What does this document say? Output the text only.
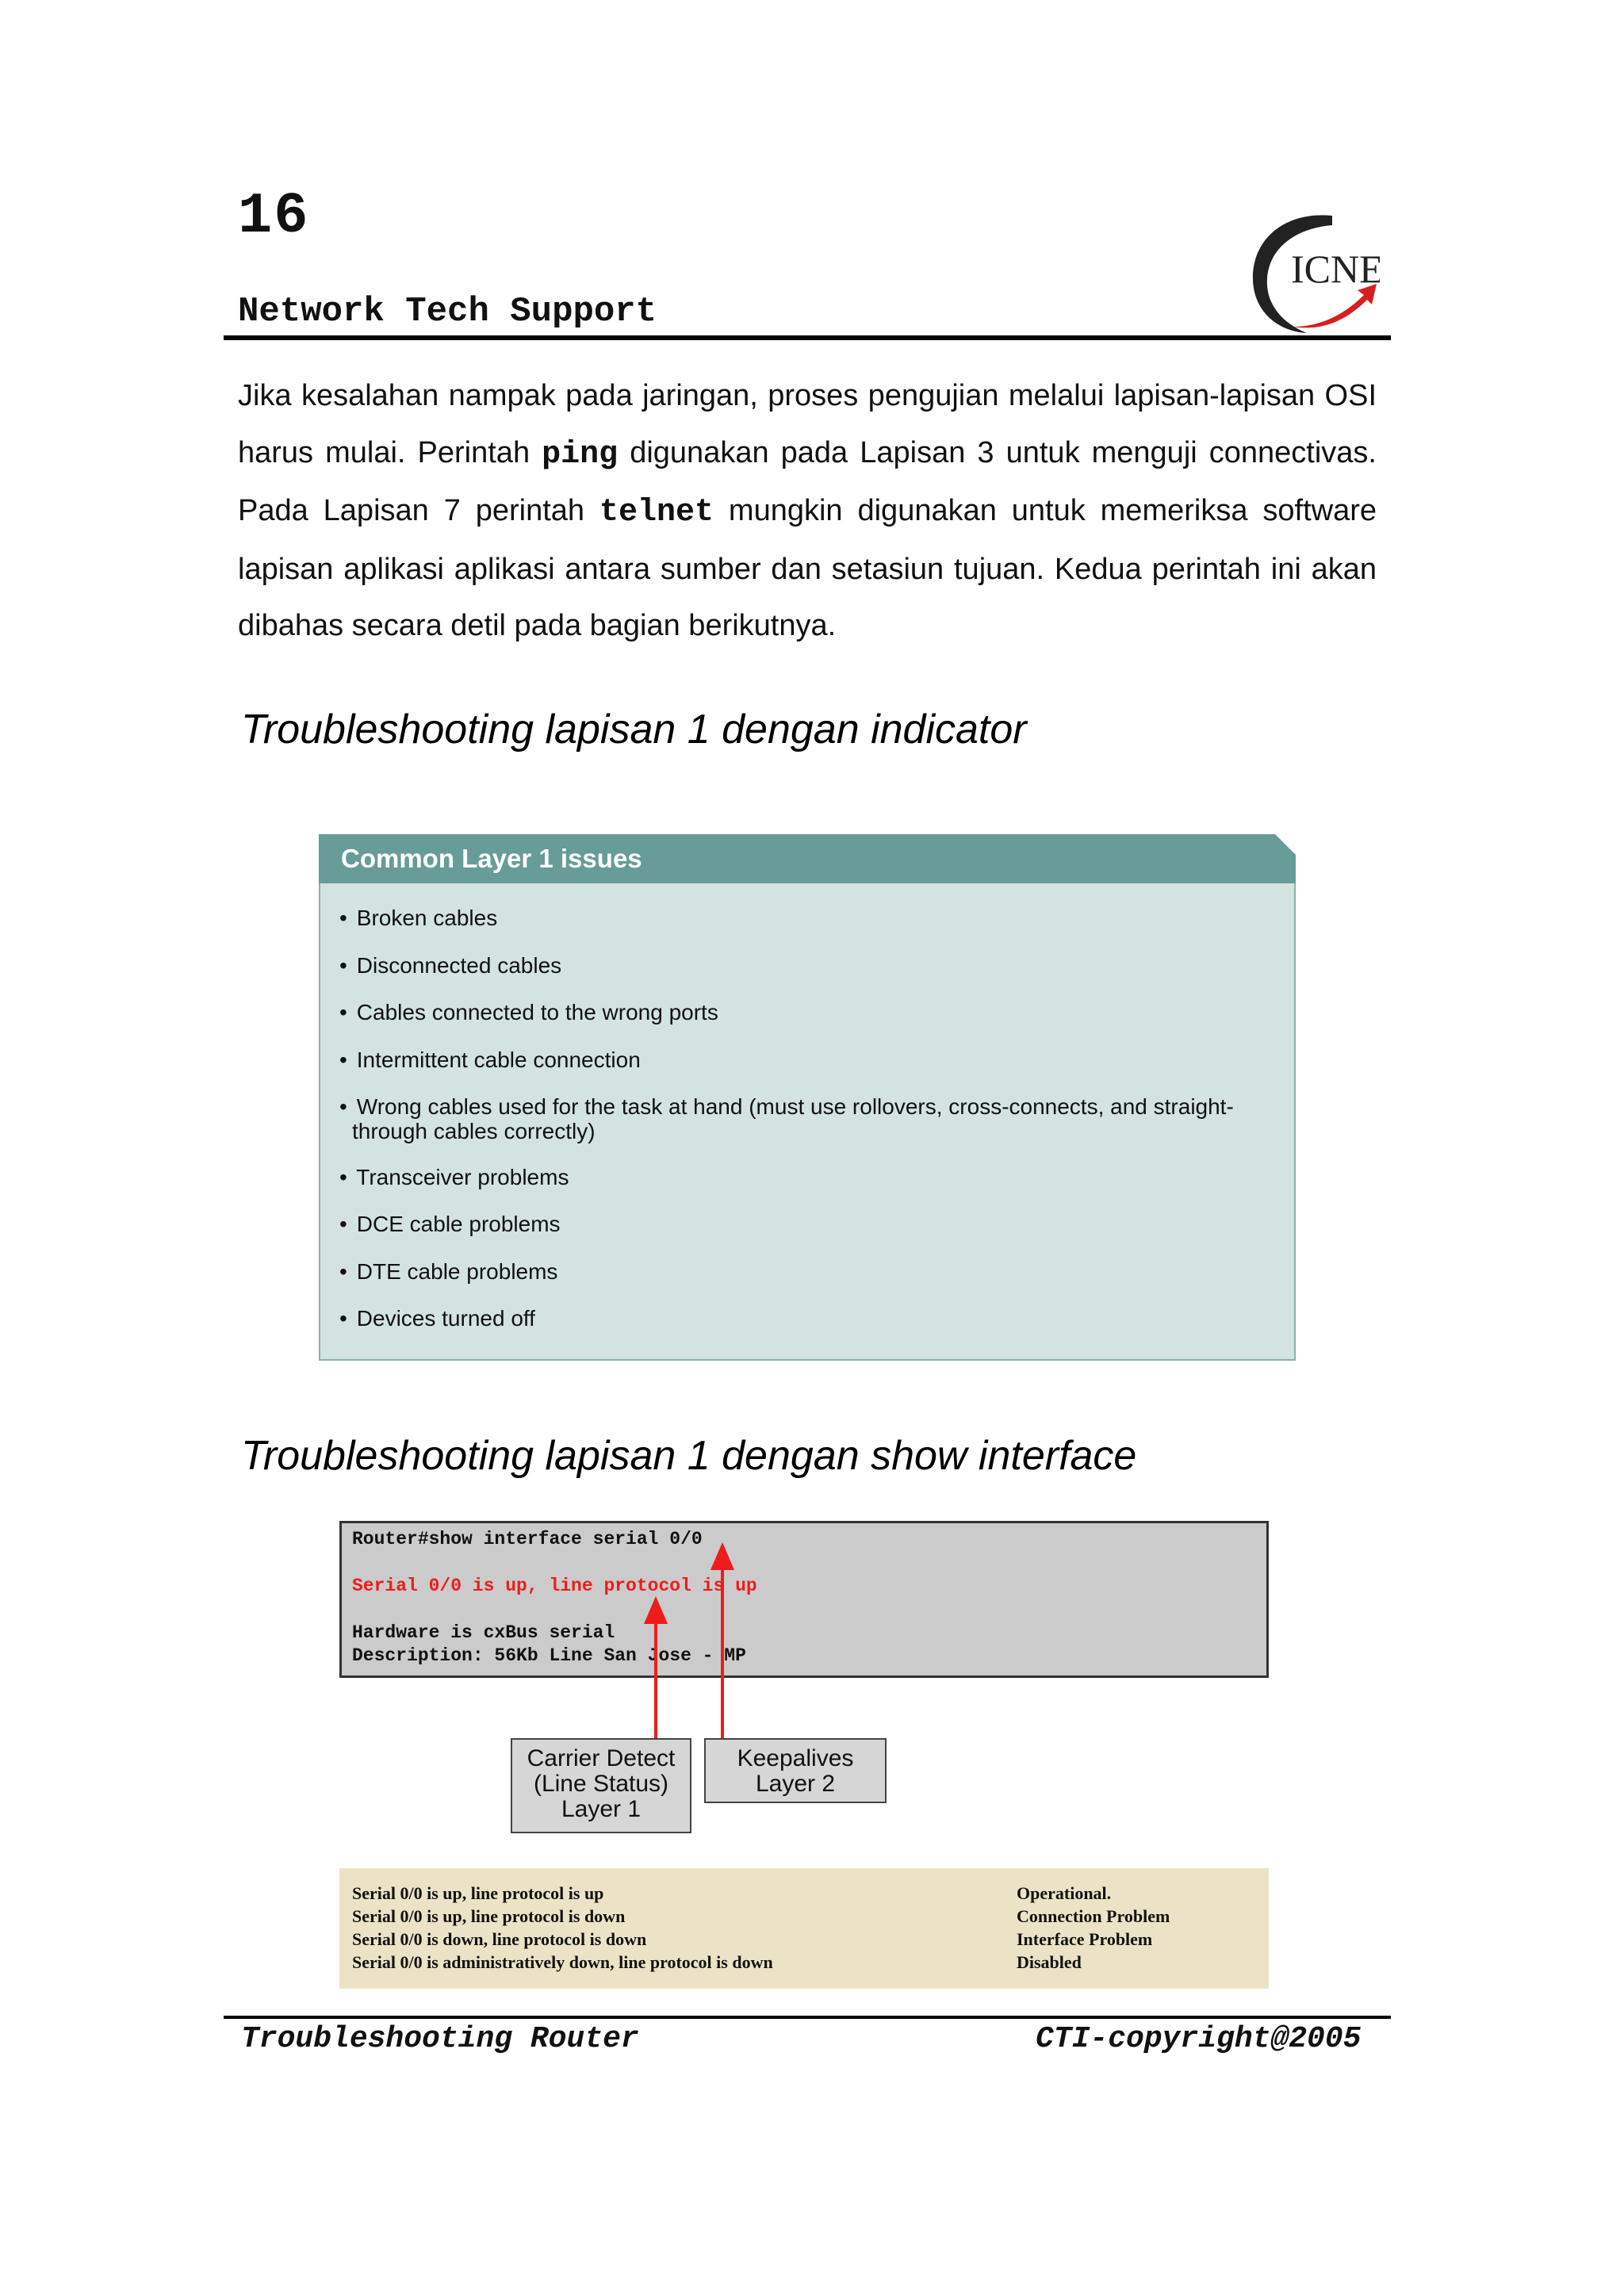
16
Network Tech Support
ICNE
Jika kesalahan nampak pada jaringan, proses pengujian melalui lapisan-lapisan OSI harus mulai. Perintah ping digunakan pada Lapisan 3 untuk menguji connectivas. Pada Lapisan 7 perintah telnet mungkin digunakan untuk memeriksa software lapisan aplikasi aplikasi antara sumber dan setasiun tujuan. Kedua perintah ini akan dibahas secara detil pada bagian berikutnya.
Troubleshooting lapisan 1 dengan indicator
Common Layer 1 issues
• Broken cables
• Disconnected cables
• Cables connected to the wrong ports
• Intermittent cable connection
• Wrong cables used for the task at hand (must use rollovers, cross-connects, and straight-
through cables correctly)
• Transceiver problems
• DCE cable problems
• DTE cable problems
• Devices turned off
Troubleshooting lapisan 1 dengan show interface
Router#show interface serial 0/0
Serial 0/0 is up, line protocol is up
Hardware is cxBus serial
Description: 56Kb Line San Jose - MP
Carrier Detect
(Line Status)
Layer 1
Keepalives
Layer 2
Serial 0/0 is up, line protocol is up	Operational.
Serial 0/0 is up, line protocol is down	Connection Problem
Serial 0/0 is down, line protocol is down	Interface Problem
Serial 0/0 is administratively down, line protocol is down	Disabled
Troubleshooting Router	CTI-copyright@2005
